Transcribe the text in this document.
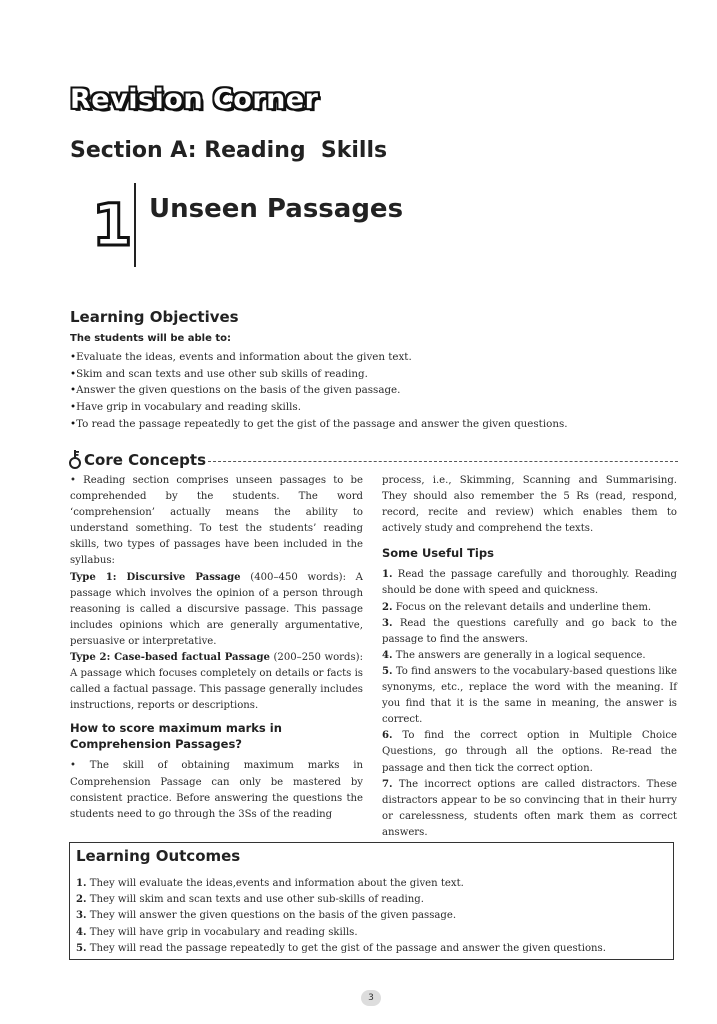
Revision Corner
Section A: Reading  Skills
1 Unseen Passages
Learning Objectives
The students will be able to:
• Evaluate the ideas, events and information about the given text.
• Skim and scan texts and use other sub skills of reading.
• Answer the given questions on the basis of the given passage.
• Have grip in vocabulary and reading skills.
• To read the passage repeatedly to get the gist of the passage and answer the given questions.
Core Concepts

• Reading section comprises unseen passages to be comprehended by the students. The word ‘comprehension’ actually means the ability to understand something. To test the students’ reading skills, two types of passages have been included in the syllabus:

Type 1: Discursive Passage (400–450 words): A passage which involves the opinion of a person through reasoning is called a discursive passage. This passage includes opinions which are generally argumentative, persuasive or interpretative.

Type 2: Case-based factual Passage (200–250 words): A passage which focuses completely on details or facts is called a factual passage. This passage generally includes instructions, reports or descriptions.

How to score maximum marks in Comprehension Passages?

• The skill of obtaining maximum marks in Comprehension Passage can only be mastered by consistent practice. Before answering the questions the students need to go through the 3Ss of the reading

process, i.e., Skimming, Scanning and Summarising. They should also remember the 5 Rs (read, respond, record, recite and review) which enables them to actively study and comprehend the texts.

Some Useful Tips
1. Read the passage carefully and thoroughly. Reading should be done with speed and quickness.
2. Focus on the relevant details and underline them.
3. Read the questions carefully and go back to the passage to find the answers.
4. The answers are generally in a logical sequence.
5. To find answers to the vocabulary-based questions like synonyms, etc., replace the word with the meaning. If you find that it is the same in meaning, the answer is correct.
6. To find the correct option in Multiple Choice Questions, go through all the options. Re-read the passage and then tick the correct option.
7. The incorrect options are called distractors. These distractors appear to be so convincing that in their hurry or carelessness, students often mark them as correct answers.
Learning Outcomes
1. They will evaluate the ideas,events and information about the given text.
2. They will skim and scan texts and use other sub-skills of reading.
3. They will answer the given questions on the basis of the given passage.
4. They will have grip in vocabulary and reading skills.
5. They will read the passage repeatedly to get the gist of the passage and answer the given questions.
3
